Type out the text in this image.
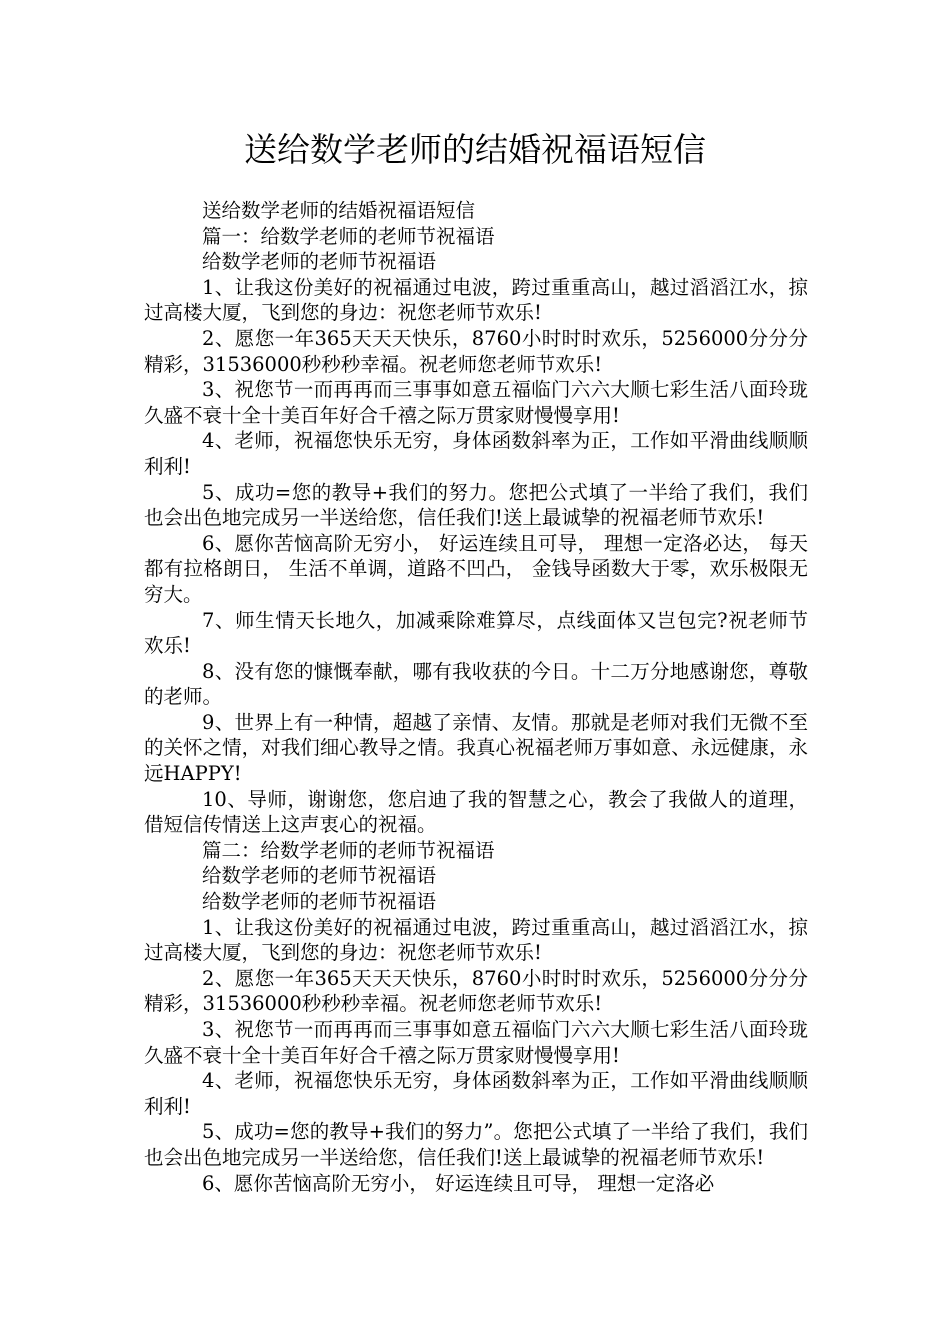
送给数学老师的结婚祝福语短信

送给数学老师的结婚祝福语短信

篇一：给数学老师的老师节祝福语

给数学老师的老师节祝福语

1、让我这份美好的祝福通过电波，跨过重重高山，越过滔滔江水，掠过高楼大厦，飞到您的身边：祝您老师节欢乐!

2、愿您一年365天天天快乐，8760小时时时欢乐，5256000分分分精彩，31536000秒秒秒幸福。祝老师您老师节欢乐!

3、祝您节一而再再而三事事如意五福临门六六大顺七彩生活八面玲珑久盛不衰十全十美百年好合千禧之际万贯家财慢慢享用!

4、老师，祝福您快乐无穷，身体函数斜率为正，工作如平滑曲线顺顺利利!

5、成功=您的教导+我们的努力。您把公式填了一半给了我们，我们也会出色地完成另一半送给您，信任我们!送上最诚挚的祝福老师节欢乐!

6、愿你苦恼高阶无穷小， 好运连续且可导， 理想一定洛必达， 每天都有拉格朗日， 生活不单调，道路不凹凸， 金钱导函数大于零，欢乐极限无穷大。

7、师生情天长地久，加减乘除难算尽，点线面体又岂包完?祝老师节欢乐!

8、没有您的慷慨奉献，哪有我收获的今日。十二万分地感谢您，尊敬的老师。

9、世界上有一种情，超越了亲情、友情。那就是老师对我们无微不至的关怀之情，对我们细心教导之情。我真心祝福老师万事如意、永远健康，永远HAPPY!

10、导师，谢谢您，您启迪了我的智慧之心，教会了我做人的道理，借短信传情送上这声衷心的祝福。

篇二：给数学老师的老师节祝福语

给数学老师的老师节祝福语

给数学老师的老师节祝福语

1、让我这份美好的祝福通过电波，跨过重重高山，越过滔滔江水，掠过高楼大厦，飞到您的身边：祝您老师节欢乐!

2、愿您一年365天天天快乐，8760小时时时欢乐，5256000分分分精彩，31536000秒秒秒幸福。祝老师您老师节欢乐!

3、祝您节一而再再而三事事如意五福临门六六大顺七彩生活八面玲珑久盛不衰十全十美百年好合千禧之际万贯家财慢慢享用!

4、老师，祝福您快乐无穷，身体函数斜率为正，工作如平滑曲线顺顺利利!

5、成功=您的教导+我们的努力”。您把公式填了一半给了我们，我们也会出色地完成另一半送给您，信任我们!送上最诚挚的祝福老师节欢乐!

6、愿你苦恼高阶无穷小， 好运连续且可导， 理想一定洛必
